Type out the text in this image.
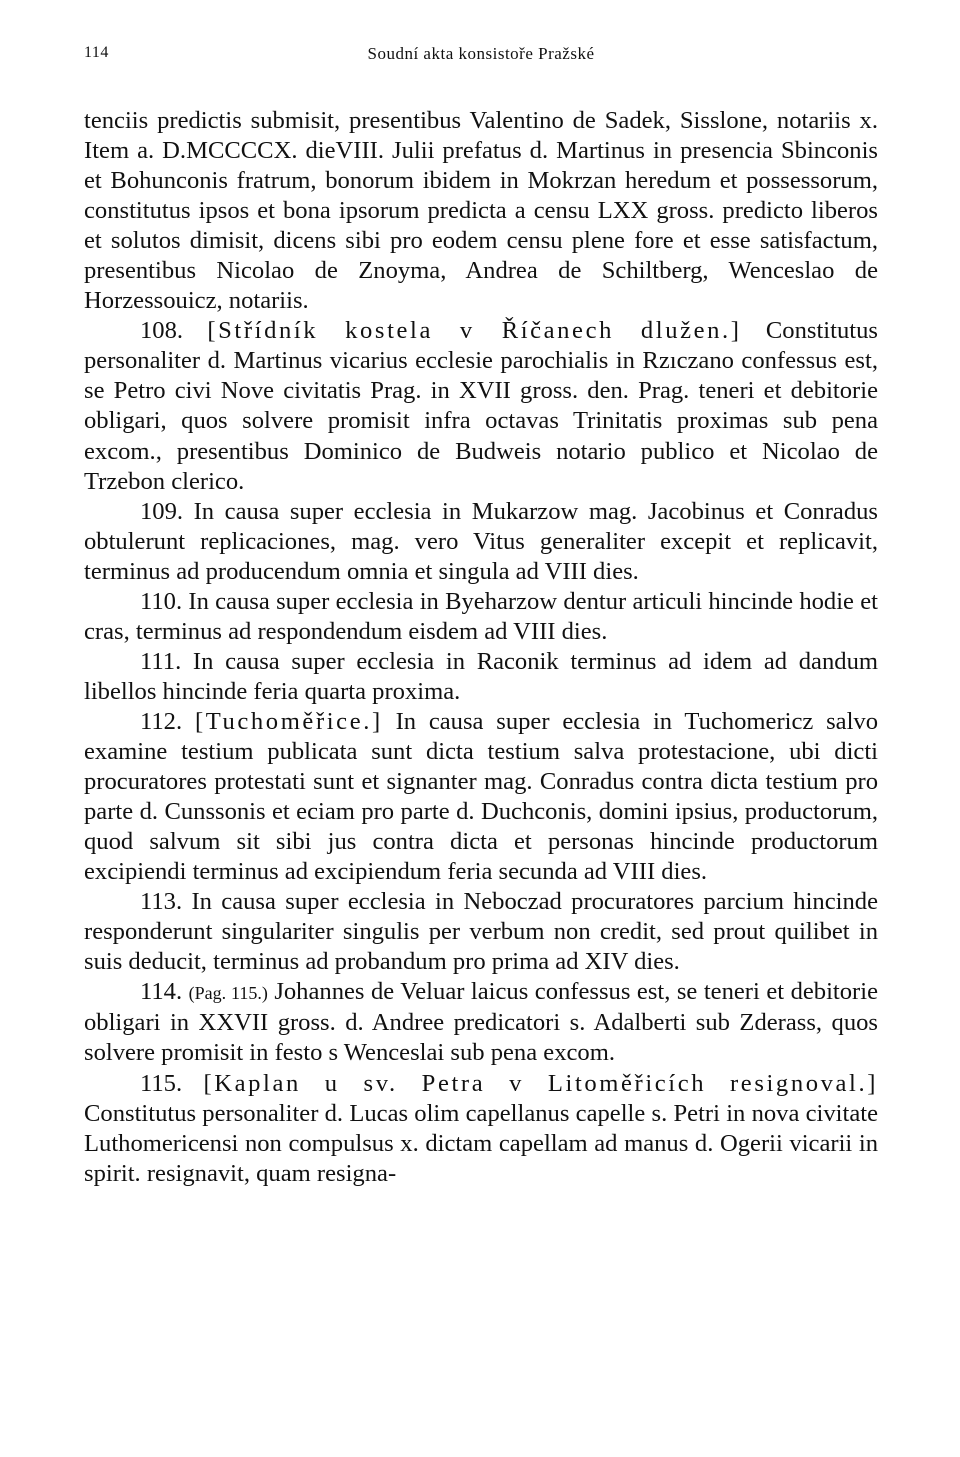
114	Soudní akta konsistoře Pražské

tenciis predictis submisit, presentibus Valentino de Sadek, Sisslone, notariis x. Item a. D.MCCCCX. dieVIII. Julii prefatus d. Martinus in presencia Sbinconis et Bohunconis fratrum, bonorum ibidem in Mokrzan heredum et possessorum, constitutus ipsos et bona ipsorum predicta a censu LXX gross. predicto liberos et solutos dimisit, dicens sibi pro eodem censu plene fore et esse satisfactum, presentibus Nicolao de Znoyma, Andrea de Schiltberg, Wenceslao de Horzessouicz, notariis.

108. [Střídník kostela v Říčanech dlužen.] Constitutus personaliter d. Martinus vicarius ecclesie parochialis in Rzıczano confessus est, se Petro civi Nove civitatis Prag. in XVII gross. den. Prag. teneri et debitorie obligari, quos solvere promisit infra octavas Trinitatis proximas sub pena excom., presentibus Dominico de Budweis notario publico et Nicolao de Trzebon clerico.

109. In causa super ecclesia in Mukarzow mag. Jacobinus et Conradus obtulerunt replicaciones, mag. vero Vitus generaliter excepit et replicavit, terminus ad producendum omnia et singula ad VIII dies.

110. In causa super ecclesia in Byeharzow dentur articuli hincinde hodie et cras, terminus ad respondendum eisdem ad VIII dies.

111. In causa super ecclesia in Raconik terminus ad idem ad dandum libellos hincinde feria quarta proxima.

112. [Tuchoměřice.] In causa super ecclesia in Tuchomericz salvo examine testium publicata sunt dicta testium salva protestacione, ubi dicti procuratores protestati sunt et signanter mag. Conradus contra dicta testium pro parte d. Cunssonis et eciam pro parte d. Duchconis, domini ipsius, productorum, quod salvum sit sibi jus contra dicta et personas hincinde productorum excipiendi terminus ad excipiendum feria secunda ad VIII dies.

113. In causa super ecclesia in Neboczad procuratores parcium hincinde responderunt singulariter singulis per verbum non credit, sed prout quilibet in suis deducit, terminus ad probandum pro prima ad XIV dies.

114. (Pag. 115.) Johannes de Veluar laicus confessus est, se teneri et debitorie obligari in XXVII gross. d. Andree predicatori s. Adalberti sub Zderass, quos solvere promisit in festo s Wenceslai sub pena excom.

115. [Kaplan u sv. Petra v Litoměřicích resignoval.] Constitutus personaliter d. Lucas olim capellanus capelle s. Petri in nova civitate Luthomericensi non compulsus x. dictam capellam ad manus d. Ogerii vicarii in spirit. resignavit, quam resigna-
